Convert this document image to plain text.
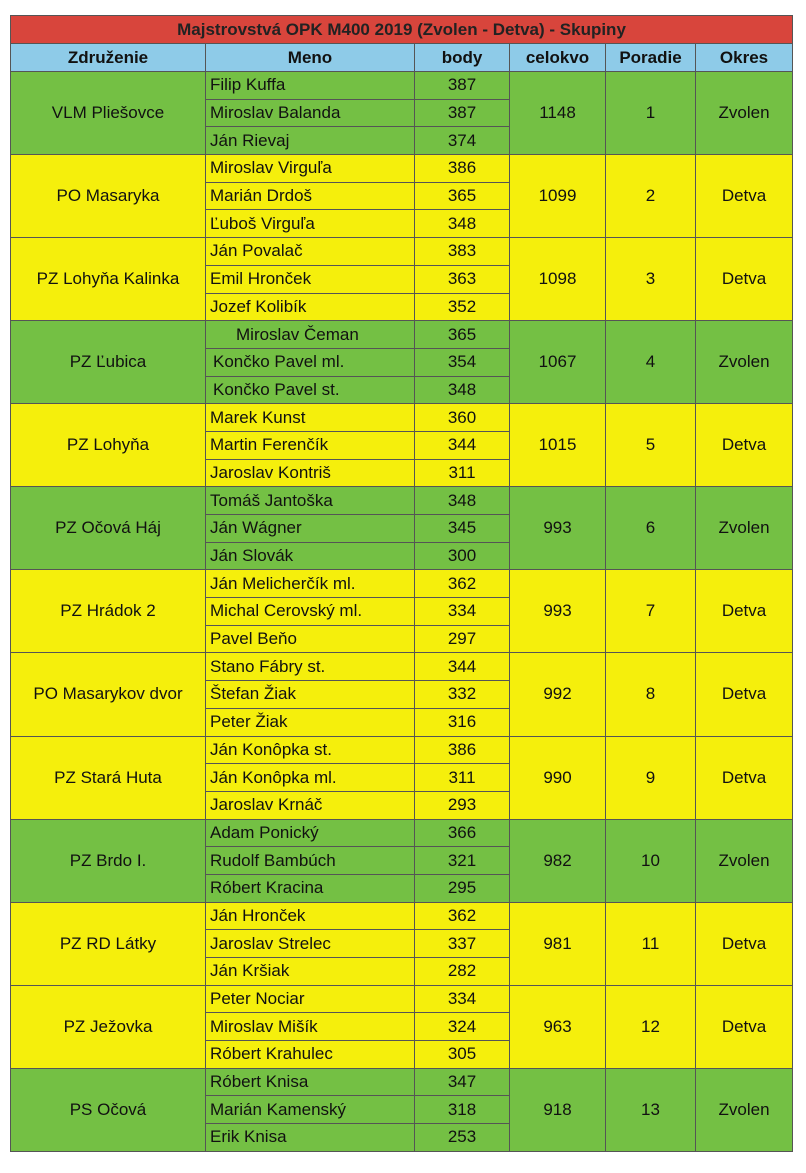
Majstrovstvá OPK M400 2019 (Zvolen - Detva) - Skupiny					
Združenie	Meno	body	celokvo	Poradie	Okres
VLM Pliešovce	Filip Kuffa	387	1148	1	Zvolen
	Miroslav Balanda	387			
	Ján Rievaj	374			
PO Masaryka	Miroslav Virguľa	386	1099	2	Detva
	Marián Drdoš	365			
	Ľuboš Virguľa	348			
PZ Lohyňa Kalinka	Ján Povalač	383	1098	3	Detva
	Emil Hronček	363			
	Jozef Kolibík	352			
PZ Ľubica	Miroslav Čeman	365	1067	4	Zvolen
	Končko Pavel ml.	354			
	Končko Pavel st.	348			
PZ Lohyňa	Marek Kunst	360	1015	5	Detva
	Martin Ferenčík	344			
	Jaroslav Kontriš	311			
PZ Očová Háj	Tomáš Jantoška	348	993	6	Zvolen
	Ján Wágner	345			
	Ján Slovák	300			
PZ Hrádok 2	Ján Melicherčík ml.	362	993	7	Detva
	Michal Cerovský ml.	334			
	Pavel Beňo	297			
PO Masarykov dvor	Stano Fábry st.	344	992	8	Detva
	Štefan Žiak	332			
	Peter Žiak	316			
PZ Stará Huta	Ján Konôpka st.	386	990	9	Detva
	Ján Konôpka ml.	311			
	Jaroslav Krnáč	293			
PZ Brdo I.	Adam Ponický	366	982	10	Zvolen
	Rudolf Bambúch	321			
	Róbert Kracina	295			
PZ RD Látky	Ján Hronček	362	981	11	Detva
	Jaroslav Strelec	337			
	Ján Kršiak	282			
PZ Ježovka	Peter Nociar	334	963	12	Detva
	Miroslav Mišík	324			
	Róbert Krahulec	305			
PS Očová	Róbert Knisa	347	918	13	Zvolen
	Marián Kamenský	318			
	Erik Knisa	253			
